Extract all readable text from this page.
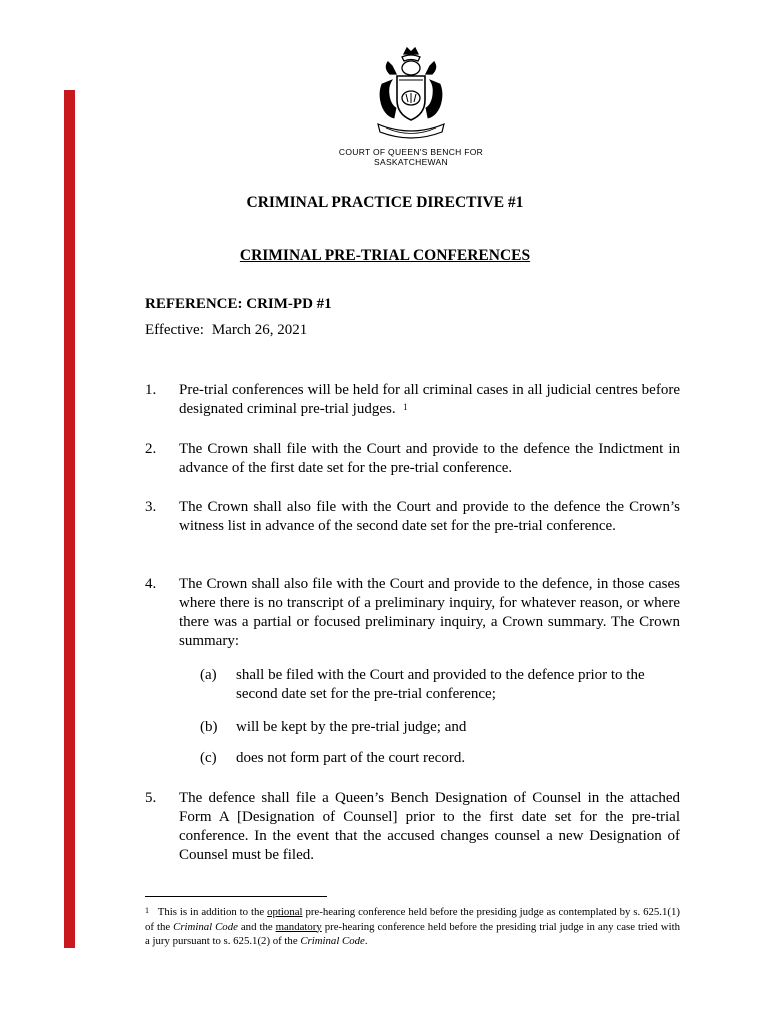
COURT OF QUEEN'S BENCH FOR
SASKATCHEWAN
CRIMINAL PRACTICE DIRECTIVE #1
CRIMINAL PRE-TRIAL CONFERENCES
REFERENCE: CRIM-PD #1
Effective: March 26, 2021
1. Pre-trial conferences will be held for all criminal cases in all judicial centres before designated criminal pre-trial judges. $^1$
2. The Crown shall file with the Court and provide to the defence the Indictment in advance of the first date set for the pre-trial conference.
3. The Crown shall also file with the Court and provide to the defence the Crown’s witness list in advance of the second date set for the pre-trial conference.
4. The Crown shall also file with the Court and provide to the defence, in those cases where there is no transcript of a preliminary inquiry, for whatever reason, or where there was a partial or focused preliminary inquiry, a Crown summary. The Crown summary:
(a) shall be filed with the Court and provided to the defence prior to the second date set for the pre-trial conference;
(b) will be kept by the pre-trial judge; and
(c) does not form part of the court record.
5. The defence shall file a Queen’s Bench Designation of Counsel in the attached Form A [Designation of Counsel] prior to the first date set for the pre-trial conference. In the event that the accused changes counsel a new Designation of Counsel must be filed.
$^1$ This is in addition to the optional pre-hearing conference held before the presiding judge as contemplated by s. 625.1(1) of the Criminal Code and the mandatory pre-hearing conference held before the presiding trial judge in any case tried with a jury pursuant to s. 625.1(2) of the Criminal Code.
